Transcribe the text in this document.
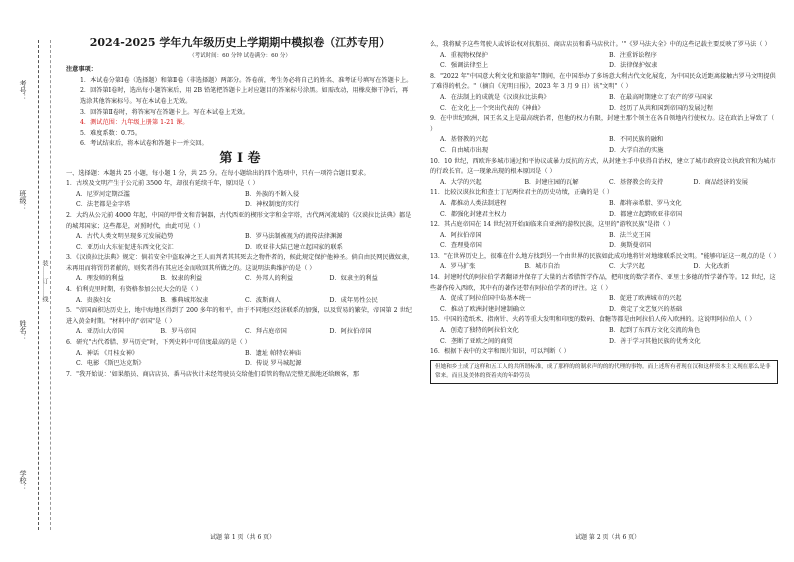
学校：
姓名：
班级：
考号：
装……订……线
2024-2025 学年九年级历史上学期期中模拟卷（江苏专用）
（考试时间：60 分钟 试卷满分：60 分）
注意事项：
1．本试卷分第Ⅰ卷（选择题）和第Ⅱ卷（非选择题）两部分。答卷前，考生务必将自己的姓名、准考证号填写在答题卡上。
2．回答第Ⅰ卷时，选出每小题答案后，用 2B 铅笔把答题卡上对应题目的答案标号涂黑。如需改动，用橡皮擦干净后，再选涂其他答案标号。写在本试卷上无效。
3．回答第Ⅱ卷时，将答案写在答题卡上。写在本试卷上无效。
4．测试范围：九年级上册第 1-21 课。
5．难度系数：0.75。
6．考试结束后，将本试卷和答题卡一并交回。
第 Ⅰ 卷
一、选择题：本题共 25 小题，每小题 1 分，共 25 分。在每小题给出的四个选项中，只有一项符合题目要求。
1．古埃及文明产生于公元前 3500 年，却很有延续千年，原因是（ ）
A．尼罗河定期泛滥	B．外族的不断入侵
C．法老都是金字塔	D．神权制度的实行
2．大约从公元前 4000 年起，中国的甲骨文和青铜器，古代西亚的楔形文字和金字塔，古代两河流域的《汉谟拉比法典》都是的城邦国家；这些都是，对照时代，由此可见（ ）
A．古代人类文明呈现多元发展趋势	B．罗马法制被视为的流传法律渊源
C．亚历山大东征促进东西文化交汇	D．欧亚非大陆已建立起国家的联系
3．《汉谟拉比法典》规定：倘若安全中盗取神之王人而判者其其死去之物件者的，候此规定保护他神圣。倘自由民网民做奴隶，未再用而将罚罚者献的，则奖者得有其应还金而收回其所做之的。这说明法典维护的是（ ）
A．理发师的利益	B．奴隶的利益	C．外邦人的利益	D．奴隶主的利益
4．伯利克里时期，有资格参加公民大会的是（ ）
A．贵族妇女	B．雅典城邦奴隶	C．波斯商人	D．成年男性公民
5．"帝国面积达历史上，地中海地区得到了 200 多年的和平，由于不同地区经济联系的加强，以及贸易的繁荣，帝国第 2 世纪进入黄金时期。"材料中的"帝国"是（ ）
A．亚历山大帝国	B．罗马帝国	C．拜占庭帝国	D．阿拉伯帝国
6．研究"古代希腊、罗马历史"时，下列史料中可信度最高的是（ ）
A．神话 《月桂女神》	B．遗址 帕特农神庙
C．电影 《斯巴达克斯》	D．传说 罗马城起源
7．"我开始说：'如果船员、商店店员、番马店伙计未经驾驶员交给他们看管的物品完整无损地还给顾客，那
么，我将赋予这些驾驶人或诉讼权对抗船员、商店店员和番马店伙计。'"《罗马法大全》中的这些记载主要反映了罗马法（ ）
A．重视物权保护	B．注重诉讼程序
C．强调法律至上	D．法律保护奴隶
8．"2022 年"中国意大利文化和旅游年"期间，在中国举办了多场意大利古代文化展览，为中国民众近距离接触古罗马文明提供了难得的机会。"（摘自《光明日报》，2023 年 3 月 9 日）该"文明"（ ）
A．在法制上的成就是《汉谟拉比法典》	B．在最高时期建立了农产的罗马国家
C．在文化上一个突出代表的《神曲》	D．经历了从共和国到帝国的发展过程
9．在中世纪欧洲，国王名义上是最高统治者，但他的权力有限，封建主那个领主在各自领地内行使权力。这在政治上导致了（ ）
A．基督教的兴起	B．不同民族的融和
C．自由城市出现	D．大学自治的实施
10．10 世纪，西欧许多城市通过和平协议或暴力反抗的方式，从封建主手中获得自治权，建立了城市政府设立执政官和为城市的行政长官。这一现象出现的根本原因是（ ）
A．大学的兴起	B．封建庄园的瓦解	C．基督教会的支持	D．商品经济的发展
11．比较汉谟拉比和查士丁尼两位君主的历史功绩，正确的是（ ）
A．都推动人类法制进程	B．都将亲希腊、罗马文化
C．都强化封建君主权力	D．都建立起跨欧亚非帝国
12．其占庭帝国在 14 世纪初开始面临来自亚洲的游牧民族，这里的"游牧民族"是指（ ）
A．阿拉伯帝国	B．法兰克王国
C．查理曼帝国	D．奥斯曼帝国
13．"在世界历史上，很难在什么地方找到另一个由世界的民族如此成功地将针对地缘联系民文明。"能够印证这一观点的是（ ）
A．罗马扩张	B．城市自治	C．大学兴起	D．大化改新
14．封建时代的阿拉伯学者翻译并保存了大量的古希腊哲学作品，把印度的数学者作、亚里士多德的哲学著作等。12 世纪，这些著作传入西欧，其中有的著作还带有阿拉伯学者的评注。这（ ）
A．促成了阿拉伯国中岛基本统一	B．促进了欧洲城市的兴起
C．推动了欧洲封建封建制确立	D．奠定了文艺复兴的基础
15．中国的造纸术、指南针、火药等重大发明和印度的数码、食糖等都是由阿拉伯人传入欧洲的。这说明阿拉伯人（ ）
A．创造了独特的阿拉伯文化	B．起到了东西方文化交流的角色
C．垄断了亚欧之间的商贸	D．善于学习其他民族的优秀文化
16．根据下表中的文字和图片知识，可以判断（ ）
但她和乡土成了这样和五工人的共所谓标准，成了那样的的制求声的的的代理的事物。而上述所有者现在汉和这样资本主义现在那么是非常来。而且及美体的资着夹的年龄劳员
试题 第 1 页（共 6 页）	试题 第 2 页（共 6 页）
